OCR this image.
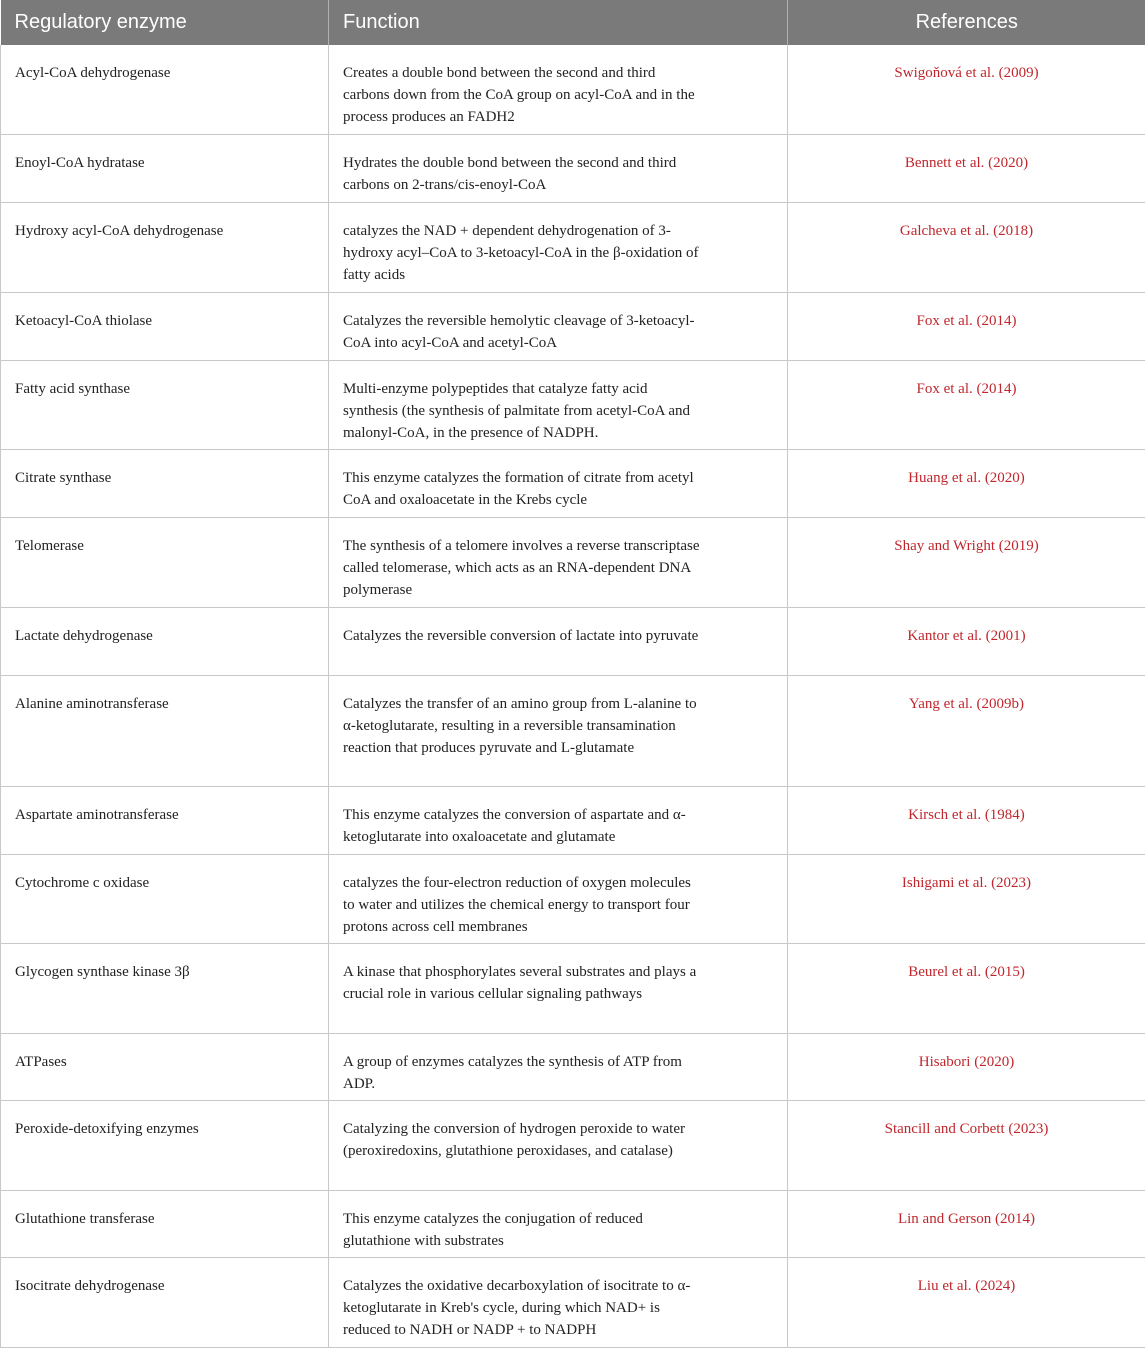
Regulatory enzyme	Function	References
Acyl-CoA dehydrogenase	Creates a double bond between the second and third carbons down from the CoA group on acyl-CoA and in the process produces an FADH2	Swigoňová et al. (2009)
Enoyl-CoA hydratase	Hydrates the double bond between the second and third carbons on 2-trans/cis-enoyl-CoA	Bennett et al. (2020)
Hydroxy acyl-CoA dehydrogenase	catalyzes the NAD + dependent dehydrogenation of 3-hydroxy acyl–CoA to 3-ketoacyl-CoA in the β-oxidation of fatty acids	Galcheva et al. (2018)
Ketoacyl-CoA thiolase	Catalyzes the reversible hemolytic cleavage of 3-ketoacyl-CoA into acyl-CoA and acetyl-CoA	Fox et al. (2014)
Fatty acid synthase	Multi-enzyme polypeptides that catalyze fatty acid synthesis (the synthesis of palmitate from acetyl-CoA and malonyl-CoA, in the presence of NADPH.	Fox et al. (2014)
Citrate synthase	This enzyme catalyzes the formation of citrate from acetyl CoA and oxaloacetate in the Krebs cycle	Huang et al. (2020)
Telomerase	The synthesis of a telomere involves a reverse transcriptase called telomerase, which acts as an RNA-dependent DNA polymerase	Shay and Wright (2019)
Lactate dehydrogenase	Catalyzes the reversible conversion of lactate into pyruvate	Kantor et al. (2001)
Alanine aminotransferase	Catalyzes the transfer of an amino group from L-alanine to α-ketoglutarate, resulting in a reversible transamination reaction that produces pyruvate and L-glutamate	Yang et al. (2009b)
Aspartate aminotransferase	This enzyme catalyzes the conversion of aspartate and α-ketoglutarate into oxaloacetate and glutamate	Kirsch et al. (1984)
Cytochrome c oxidase	catalyzes the four-electron reduction of oxygen molecules to water and utilizes the chemical energy to transport four protons across cell membranes	Ishigami et al. (2023)
Glycogen synthase kinase 3β	A kinase that phosphorylates several substrates and plays a crucial role in various cellular signaling pathways	Beurel et al. (2015)
ATPases	A group of enzymes catalyzes the synthesis of ATP from ADP.	Hisabori (2020)
Peroxide-detoxifying enzymes	Catalyzing the conversion of hydrogen peroxide to water (peroxiredoxins, glutathione peroxidases, and catalase)	Stancill and Corbett (2023)
Glutathione transferase	This enzyme catalyzes the conjugation of reduced glutathione with substrates	Lin and Gerson (2014)
Isocitrate dehydrogenase	Catalyzes the oxidative decarboxylation of isocitrate to α-ketoglutarate in Kreb's cycle, during which NAD+ is reduced to NADH or NADP + to NADPH	Liu et al. (2024)
